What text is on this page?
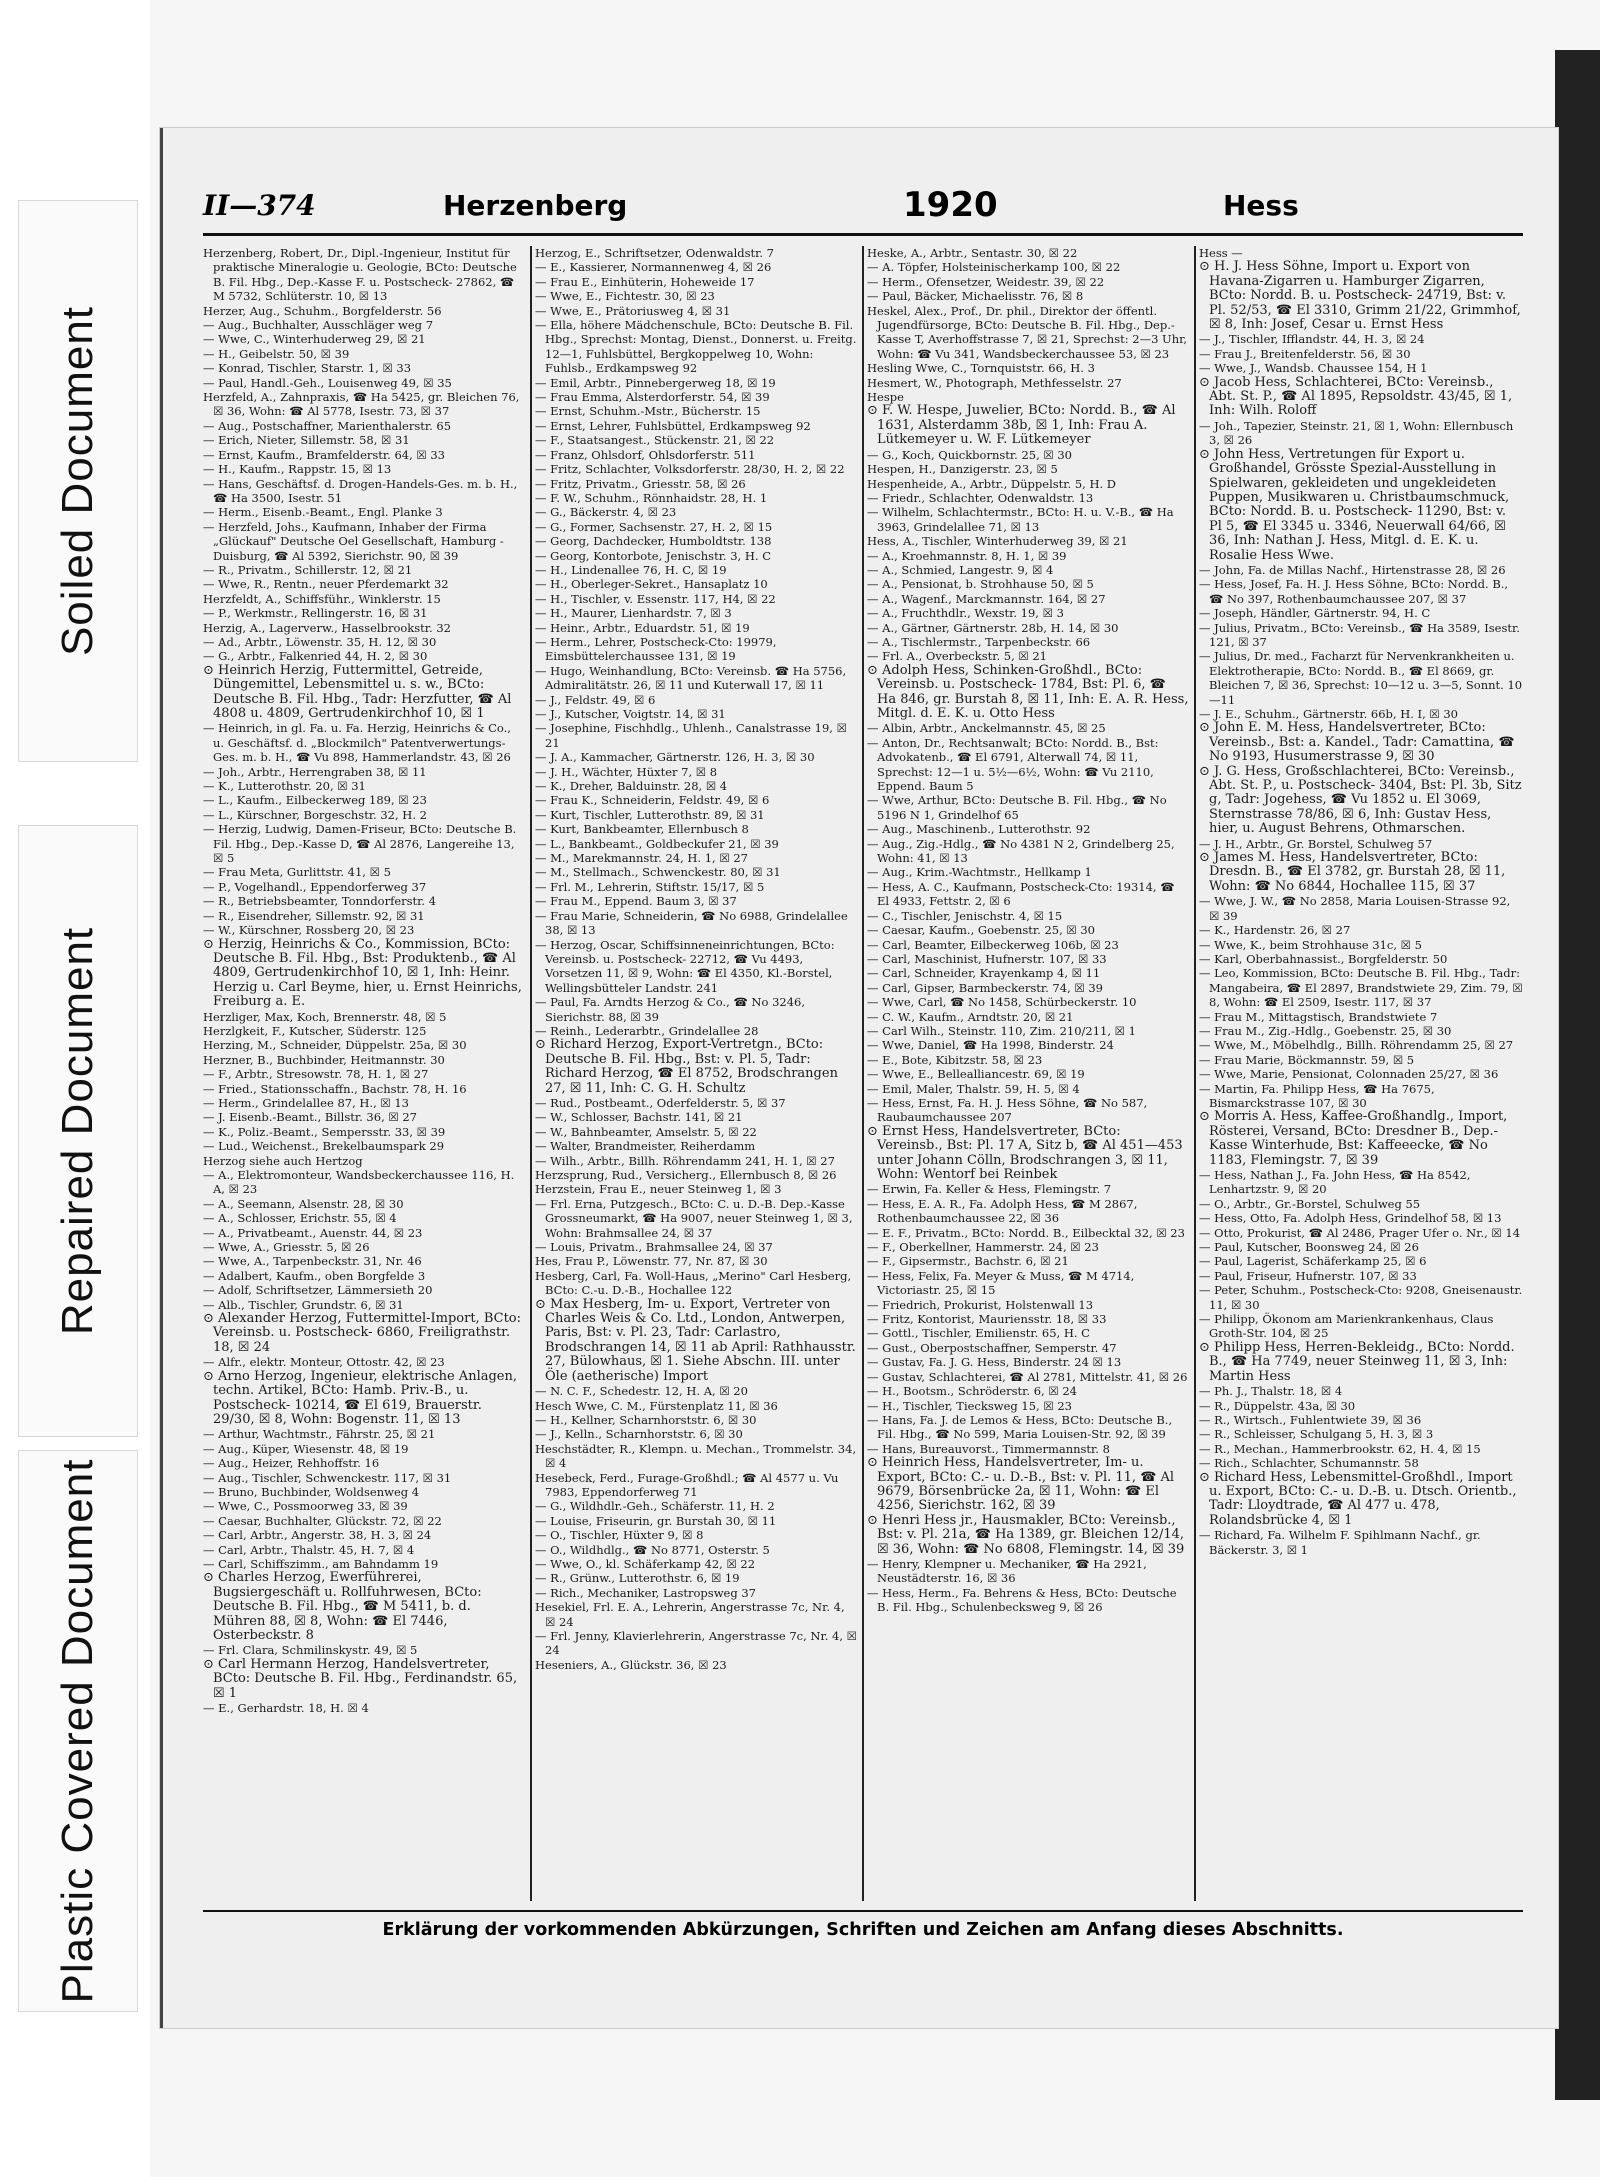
Soiled Document
Repaired Document
Plastic Covered Document
II—374	Herzenberg	1920	Hess

Herzenberg, Robert, Dr., Dipl.-Ingenieur, Institut für praktische Mineralogie u. Geologie, BCto: Deutsche B. Fil. Hbg., Dep.-Kasse F. u. Postscheck- 27862, ☎ M 5732, Schlüterstr. 10, ☒ 13

Herzer, Aug., Schuhm., Borgfelderstr. 56

— Aug., Buchhalter, Ausschläger weg 7

— Wwe, C., Winterhuderweg 29, ☒ 21

— H., Geibelstr. 50, ☒ 39

— Konrad, Tischler, Starstr. 1, ☒ 33

— Paul, Handl.-Geh., Louisenweg 49, ☒ 35

Herzfeld, A., Zahnpraxis, ☎ Ha 5425, gr. Bleichen 76, ☒ 36, Wohn: ☎ Al 5778, Isestr. 73, ☒ 37

— Aug., Postschaffner, Marienthalerstr. 65

— Erich, Nieter, Sillemstr. 58, ☒ 31

— Ernst, Kaufm., Bramfelderstr. 64, ☒ 33

— H., Kaufm., Rappstr. 15, ☒ 13

— Hans, Geschäftsf. d. Drogen-Handels-Ges. m. b. H., ☎ Ha 3500, Isestr. 51

— Herm., Eisenb.-Beamt., Engl. Planke 3

— Herzfeld, Johs., Kaufmann, Inhaber der Firma „Glückauf" Deutsche Oel Gesellschaft, Hamburg - Duisburg, ☎ Al 5392, Sierichstr. 90, ☒ 39

— R., Privatm., Schillerstr. 12, ☒ 21

— Wwe, R., Rentn., neuer Pferdemarkt 32

Herzfeldt, A., Schiffsführ., Winklerstr. 15

— P., Werkmstr., Rellingerstr. 16, ☒ 31

Herzig, A., Lagerverw., Hasselbrookstr. 32

— Ad., Arbtr., Löwenstr. 35, H. 12, ☒ 30

— G., Arbtr., Falkenried 44, H. 2, ☒ 30

⊙ Heinrich Herzig, Futtermittel, Getreide, Düngemittel, Lebensmittel u. s. w., BCto: Deutsche B. Fil. Hbg., Tadr: Herzfutter, ☎ Al 4808 u. 4809, Gertrudenkirchhof 10, ☒ 1

— Heinrich, in gl. Fa. u. Fa. Herzig, Heinrichs & Co., u. Geschäftsf. d. „Blockmilch" Patentverwertungs-Ges. m. b. H., ☎ Vu 898, Hammerlandstr. 43, ☒ 26

— Joh., Arbtr., Herrengraben 38, ☒ 11

— K., Lutterothstr. 20, ☒ 31

— L., Kaufm., Eilbeckerweg 189, ☒ 23

— L., Kürschner, Borgeschstr. 32, H. 2

— Herzig, Ludwig, Damen-Friseur, BCto: Deutsche B. Fil. Hbg., Dep.-Kasse D, ☎ Al 2876, Langereihe 13, ☒ 5

— Frau Meta, Gurlittstr. 41, ☒ 5

— P., Vogelhandl., Eppendorferweg 37

— R., Betriebsbeamter, Tonndorferstr. 4

— R., Eisendreher, Sillemstr. 92, ☒ 31

— W., Kürschner, Rossberg 20, ☒ 23

⊙ Herzig, Heinrichs & Co., Kommission, BCto: Deutsche B. Fil. Hbg., Bst: Produktenb., ☎ Al 4809, Gertrudenkirchhof 10, ☒ 1, Inh: Heinr. Herzig u. Carl Beyme, hier, u. Ernst Heinrichs, Freiburg a. E.

Herzliger, Max, Koch, Brennerstr. 48, ☒ 5

Herzlgkeit, F., Kutscher, Süderstr. 125

Herzing, M., Schneider, Düppelstr. 25a, ☒ 30

Herzner, B., Buchbinder, Heitmannstr. 30

— F., Arbtr., Stresowstr. 78, H. 1, ☒ 27

— Fried., Stationsschaffn., Bachstr. 78, H. 16

— Herm., Grindelallee 87, H., ☒ 13

— J. Eisenb.-Beamt., Billstr. 36, ☒ 27

— K., Poliz.-Beamt., Sempersstr. 33, ☒ 39

— Lud., Weichenst., Brekelbaumspark 29

Herzog siehe auch Hertzog

— A., Elektromonteur, Wandsbeckerchaussee 116, H. A, ☒ 23

— A., Seemann, Alsenstr. 28, ☒ 30

— A., Schlosser, Erichstr. 55, ☒ 4

— A., Privatbeamt., Auenstr. 44, ☒ 23

— Wwe, A., Griesstr. 5, ☒ 26

— Wwe, A., Tarpenbeckstr. 31, Nr. 46

— Adalbert, Kaufm., oben Borgfelde 3

— Adolf, Schriftsetzer, Lämmersieth 20

— Alb., Tischler, Grundstr. 6, ☒ 31

⊙ Alexander Herzog, Futtermittel-Import, BCto: Vereinsb. u. Postscheck- 6860, Freiligrathstr. 18, ☒ 24

— Alfr., elektr. Monteur, Ottostr. 42, ☒ 23

⊙ Arno Herzog, Ingenieur, elektrische Anlagen, techn. Artikel, BCto: Hamb. Priv.-B., u. Postscheck- 10214, ☎ El 619, Brauerstr. 29/30, ☒ 8, Wohn: Bogenstr. 11, ☒ 13

— Arthur, Wachtmstr., Fährstr. 25, ☒ 21

— Aug., Küper, Wiesenstr. 48, ☒ 19

— Aug., Heizer, Rehhoffstr. 16

— Aug., Tischler, Schwenckestr. 117, ☒ 31

— Bruno, Buchbinder, Woldsenweg 4

— Wwe, C., Possmoorweg 33, ☒ 39

— Caesar, Buchhalter, Glückstr. 72, ☒ 22

— Carl, Arbtr., Angerstr. 38, H. 3, ☒ 24

— Carl, Arbtr., Thalstr. 45, H. 7, ☒ 4

— Carl, Schiffszimm., am Bahndamm 19

⊙ Charles Herzog, Ewerführerei, Bugsiergeschäft u. Rollfuhrwesen, BCto: Deutsche B. Fil. Hbg., ☎ M 5411, b. d. Mühren 88, ☒ 8, Wohn: ☎ El 7446, Osterbeckstr. 8

— Frl. Clara, Schmilinskystr. 49, ☒ 5

⊙ Carl Hermann Herzog, Handelsvertreter, BCto: Deutsche B. Fil. Hbg., Ferdinandstr. 65, ☒ 1

— E., Gerhardstr. 18, H. ☒ 4

Herzog, E., Schriftsetzer, Odenwaldstr. 7

— E., Kassierer, Normannenweg 4, ☒ 26

— Frau E., Einhüterin, Hoheweide 17

— Wwe, E., Fichtestr. 30, ☒ 23

— Wwe, E., Prätoriusweg 4, ☒ 31

— Ella, höhere Mädchenschule, BCto: Deutsche B. Fil. Hbg., Sprechst: Montag, Dienst., Donnerst. u. Freitg. 12—1, Fuhlsbüttel, Bergkoppelweg 10, Wohn: Fuhlsb., Erdkampsweg 92

— Emil, Arbtr., Pinnebergerweg 18, ☒ 19

— Frau Emma, Alsterdorferstr. 54, ☒ 39

— Ernst, Schuhm.-Mstr., Bücherstr. 15

— Ernst, Lehrer, Fuhlsbüttel, Erdkampsweg 92

— F., Staatsangest., Stückenstr. 21, ☒ 22

— Franz, Ohlsdorf, Ohlsdorferstr. 511

— Fritz, Schlachter, Volksdorferstr. 28/30, H. 2, ☒ 22

— Fritz, Privatm., Griesstr. 58, ☒ 26

— F. W., Schuhm., Rönnhaidstr. 28, H. 1

— G., Bäckerstr. 4, ☒ 23

— G., Former, Sachsenstr. 27, H. 2, ☒ 15

— Georg, Dachdecker, Humboldtstr. 138

— Georg, Kontorbote, Jenischstr. 3, H. C

— H., Lindenallee 76, H. C, ☒ 19

— H., Oberleger-Sekret., Hansaplatz 10

— H., Tischler, v. Essenstr. 117, H4, ☒ 22

— H., Maurer, Lienhardstr. 7, ☒ 3

— Heinr., Arbtr., Eduardstr. 51, ☒ 19

— Herm., Lehrer, Postscheck-Cto: 19979, Eimsbüttelerchaussee 131, ☒ 19

— Hugo, Weinhandlung, BCto: Vereinsb. ☎ Ha 5756, Admiralitätstr. 26, ☒ 11 und Kuterwall 17, ☒ 11

— J., Feldstr. 49, ☒ 6

— J., Kutscher, Voigtstr. 14, ☒ 31

— Josephine, Fischhdlg., Uhlenh., Canalstrasse 19, ☒ 21

— J. A., Kammacher, Gärtnerstr. 126, H. 3, ☒ 30

— J. H., Wächter, Hüxter 7, ☒ 8

— K., Dreher, Balduinstr. 28, ☒ 4

— Frau K., Schneiderin, Feldstr. 49, ☒ 6

— Kurt, Tischler, Lutterothstr. 89, ☒ 31

— Kurt, Bankbeamter, Ellernbusch 8

— L., Bankbeamt., Goldbeckufer 21, ☒ 39

— M., Marekmannstr. 24, H. 1, ☒ 27

— M., Stellmach., Schwenckestr. 80, ☒ 31

— Frl. M., Lehrerin, Stiftstr. 15/17, ☒ 5

— Frau M., Eppend. Baum 3, ☒ 37

— Frau Marie, Schneiderin, ☎ No 6988, Grindelallee 38, ☒ 13

— Herzog, Oscar, Schiffsinneneinrichtungen, BCto: Vereinsb. u. Postscheck- 22712, ☎ Vu 4493, Vorsetzen 11, ☒ 9, Wohn: ☎ El 4350, Kl.-Borstel, Wellingsbütteler Landstr. 241

— Paul, Fa. Arndts Herzog & Co., ☎ No 3246, Sierichstr. 88, ☒ 39

— Reinh., Lederarbtr., Grindelallee 28

⊙ Richard Herzog, Export-Vertretgn., BCto: Deutsche B. Fil. Hbg., Bst: v. Pl. 5, Tadr: Richard Herzog, ☎ El 8752, Brodschrangen 27, ☒ 11, Inh: C. G. H. Schultz

— Rud., Postbeamt., Oderfelderstr. 5, ☒ 37

— W., Schlosser, Bachstr. 141, ☒ 21

— W., Bahnbeamter, Amselstr. 5, ☒ 22

— Walter, Brandmeister, Reiherdamm

— Wilh., Arbtr., Billh. Röhrendamm 241, H. 1, ☒ 27

Herzsprung, Rud., Versicherg., Ellernbusch 8, ☒ 26

Herzstein, Frau E., neuer Steinweg 1, ☒ 3

— Frl. Erna, Putzgesch., BCto: C. u. D.-B. Dep.-Kasse Grossneumarkt, ☎ Ha 9007, neuer Steinweg 1, ☒ 3, Wohn: Brahmsallee 24, ☒ 37

— Louis, Privatm., Brahmsallee 24, ☒ 37

Hes, Frau P., Löwenstr. 77, Nr. 87, ☒ 30

Hesberg, Carl, Fa. Woll-Haus, „Merino" Carl Hesberg, BCto: C.-u. D.-B., Hochallee 122

⊙ Max Hesberg, Im- u. Export, Vertreter von Charles Weis & Co. Ltd., London, Antwerpen, Paris, Bst: v. Pl. 23, Tadr: Carlastro, Brodschrangen 14, ☒ 11 ab April: Rathhausstr. 27, Bülowhaus, ☒ 1. Siehe Abschn. III. unter Öle (aetherische) Import

— N. C. F., Schedestr. 12, H. A, ☒ 20

Hesch Wwe, C. M., Fürstenplatz 11, ☒ 36

— H., Kellner, Scharnhorststr. 6, ☒ 30

— J., Kelln., Scharnhorststr. 6, ☒ 30

Heschstädter, R., Klempn. u. Mechan., Trommelstr. 34, ☒ 4

Hesebeck, Ferd., Furage-Großhdl.; ☎ Al 4577 u. Vu 7983, Eppendorferweg 71

— G., Wildhdlr.-Geh., Schäferstr. 11, H. 2

— Louise, Friseurin, gr. Burstah 30, ☒ 11

— O., Tischler, Hüxter 9, ☒ 8

— O., Wildhdlg., ☎ No 8771, Osterstr. 5

— Wwe, O., kl. Schäferkamp 42, ☒ 22

— R., Grünw., Lutterothstr. 6, ☒ 19

— Rich., Mechaniker, Lastropsweg 37

Hesekiel, Frl. E. A., Lehrerin, Angerstrasse 7c, Nr. 4, ☒ 24

— Frl. Jenny, Klavierlehrerin, Angerstrasse 7c, Nr. 4, ☒ 24

Heseniers, A., Glückstr. 36, ☒ 23

Heske, A., Arbtr., Sentastr. 30, ☒ 22

— A. Töpfer, Holsteinischerkamp 100, ☒ 22

— Herm., Ofensetzer, Weidestr. 39, ☒ 22

— Paul, Bäcker, Michaelisstr. 76, ☒ 8

Heskel, Alex., Prof., Dr. phil., Direktor der öffentl. Jugendfürsorge, BCto: Deutsche B. Fil. Hbg., Dep.-Kasse T, Averhoffstrasse 7, ☒ 21, Sprechst: 2—3 Uhr, Wohn: ☎ Vu 341, Wandsbeckerchaussee 53, ☒ 23

Hesling Wwe, C., Tornquiststr. 66, H. 3

Hesmert, W., Photograph, Methfesselstr. 27

Hespe

⊙ F. W. Hespe, Juwelier, BCto: Nordd. B., ☎ Al 1631, Alsterdamm 38b, ☒ 1, Inh: Frau A. Lütkemeyer u. W. F. Lütkemeyer

— G., Koch, Quickbornstr. 25, ☒ 30

Hespen, H., Danzigerstr. 23, ☒ 5

Hespenheide, A., Arbtr., Düppelstr. 5, H. D

— Friedr., Schlachter, Odenwaldstr. 13

— Wilhelm, Schlachtermstr., BCto: H. u. V.-B., ☎ Ha 3963, Grindelallee 71, ☒ 13

Hess, A., Tischler, Winterhuderweg 39, ☒ 21

— A., Kroehmannstr. 8, H. 1, ☒ 39

— A., Schmied, Langestr. 9, ☒ 4

— A., Pensionat, b. Strohhause 50, ☒ 5

— A., Wagenf., Marckmannstr. 164, ☒ 27

— A., Fruchthdlr., Wexstr. 19, ☒ 3

— A., Gärtner, Gärtnerstr. 28b, H. 14, ☒ 30

— A., Tischlermstr., Tarpenbeckstr. 66

— Frl. A., Overbeckstr. 5, ☒ 21

⊙ Adolph Hess, Schinken-Großhdl., BCto: Vereinsb. u. Postscheck- 1784, Bst: Pl. 6, ☎ Ha 846, gr. Burstah 8, ☒ 11, Inh: E. A. R. Hess, Mitgl. d. E. K. u. Otto Hess

— Albin, Arbtr., Anckelmannstr. 45, ☒ 25

— Anton, Dr., Rechtsanwalt; BCto: Nordd. B., Bst: Advokatenb., ☎ El 6791, Alterwall 74, ☒ 11, Sprechst: 12—1 u. 5½—6½, Wohn: ☎ Vu 2110, Eppend. Baum 5

— Wwe, Arthur, BCto: Deutsche B. Fil. Hbg., ☎ No 5196 N 1, Grindelhof 65

— Aug., Maschinenb., Lutterothstr. 92

— Aug., Zig.-Hdlg., ☎ No 4381 N 2, Grindelberg 25, Wohn: 41, ☒ 13

— Aug., Krim.-Wachtmstr., Hellkamp 1

— Hess, A. C., Kaufmann, Postscheck-Cto: 19314, ☎ El 4933, Fettstr. 2, ☒ 6

— C., Tischler, Jenischstr. 4, ☒ 15

— Caesar, Kaufm., Goebenstr. 25, ☒ 30

— Carl, Beamter, Eilbeckerweg 106b, ☒ 23

— Carl, Maschinist, Hufnerstr. 107, ☒ 33

— Carl, Schneider, Krayenkamp 4, ☒ 11

— Carl, Gipser, Barmbeckerstr. 74, ☒ 39

— Wwe, Carl, ☎ No 1458, Schürbeckerstr. 10

— C. W., Kaufm., Arndtstr. 20, ☒ 21

— Carl Wilh., Steinstr. 110, Zim. 210/211, ☒ 1

— Wwe, Daniel, ☎ Ha 1998, Binderstr. 24

— E., Bote, Kibitzstr. 58, ☒ 23

— Wwe, E., Bellealliancestr. 69, ☒ 19

— Emil, Maler, Thalstr. 59, H. 5, ☒ 4

— Hess, Ernst, Fa. H. J. Hess Söhne, ☎ No 587, Raubaumchaussee 207

⊙ Ernst Hess, Handelsvertreter, BCto: Vereinsb., Bst: Pl. 17 A, Sitz b, ☎ Al 451—453 unter Johann Cölln, Brodschrangen 3, ☒ 11, Wohn: Wentorf bei Reinbek

— Erwin, Fa. Keller & Hess, Flemingstr. 7

— Hess, E. A. R., Fa. Adolph Hess, ☎ M 2867, Rothenbaumchaussee 22, ☒ 36

— E. F., Privatm., BCto: Nordd. B., Eilbecktal 32, ☒ 23

— F., Oberkellner, Hammerstr. 24, ☒ 23

— F., Gipsermstr., Bachstr. 6, ☒ 21

— Hess, Felix, Fa. Meyer & Muss, ☎ M 4714, Victoriastr. 25, ☒ 15

— Friedrich, Prokurist, Holstenwall 13

— Fritz, Kontorist, Mauriensstr. 18, ☒ 33

— Gottl., Tischler, Emilienstr. 65, H. C

— Gust., Oberpostschaffner, Semperstr. 47

— Gustav, Fa. J. G. Hess, Binderstr. 24 ☒ 13

— Gustav, Schlachterei, ☎ Al 2781, Mittelstr. 41, ☒ 26

— H., Bootsm., Schröderstr. 6, ☒ 24

— H., Tischler, Tiecksweg 15, ☒ 23

— Hans, Fa. J. de Lemos & Hess, BCto: Deutsche B., Fil. Hbg., ☎ No 599, Maria Louisen-Str. 92, ☒ 39

— Hans, Bureauvorst., Timmermannstr. 8

⊙ Heinrich Hess, Handelsvertreter, Im- u. Export, BCto: C.- u. D.-B., Bst: v. Pl. 11, ☎ Al 9679, Börsenbrücke 2a, ☒ 11, Wohn: ☎ El 4256, Sierichstr. 162, ☒ 39

⊙ Henri Hess jr., Hausmakler, BCto: Vereinsb., Bst: v. Pl. 21a, ☎ Ha 1389, gr. Bleichen 12/14, ☒ 36, Wohn: ☎ No 6808, Flemingstr. 14, ☒ 39

— Henry, Klempner u. Mechaniker, ☎ Ha 2921, Neustädterstr. 16, ☒ 36

— Hess, Herm., Fa. Behrens & Hess, BCto: Deutsche B. Fil. Hbg., Schulenbecksweg 9, ☒ 26

Hess —

⊙ H. J. Hess Söhne, Import u. Export von Havana-Zigarren u. Hamburger Zigarren, BCto: Nordd. B. u. Postscheck- 24719, Bst: v. Pl. 52/53, ☎ El 3310, Grimm 21/22, Grimmhof, ☒ 8, Inh: Josef, Cesar u. Ernst Hess

— J., Tischler, Ifflandstr. 44, H. 3, ☒ 24

— Frau J., Breitenfelderstr. 56, ☒ 30

— Wwe, J., Wandsb. Chaussee 154, H 1

⊙ Jacob Hess, Schlachterei, BCto: Vereinsb., Abt. St. P., ☎ Al 1895, Repsoldstr. 43/45, ☒ 1, Inh: Wilh. Roloff

— Joh., Tapezier, Steinstr. 21, ☒ 1, Wohn: Ellernbusch 3, ☒ 26

⊙ John Hess, Vertretungen für Export u. Großhandel, Grösste Spezial-Ausstellung in Spielwaren, gekleideten und ungekleideten Puppen, Musikwaren u. Christbaumschmuck, BCto: Nordd. B. u. Postscheck- 11290, Bst: v. Pl 5, ☎ El 3345 u. 3346, Neuerwall 64/66, ☒ 36, Inh: Nathan J. Hess, Mitgl. d. E. K. u. Rosalie Hess Wwe.

— John, Fa. de Millas Nachf., Hirtenstrasse 28, ☒ 26

— Hess, Josef, Fa. H. J. Hess Söhne, BCto: Nordd. B., ☎ No 397, Rothenbaumchaussee 207, ☒ 37

— Joseph, Händler, Gärtnerstr. 94, H. C

— Julius, Privatm., BCto: Vereinsb., ☎ Ha 3589, Isestr. 121, ☒ 37

— Julius, Dr. med., Facharzt für Nervenkrankheiten u. Elektrotherapie, BCto: Nordd. B., ☎ El 8669, gr. Bleichen 7, ☒ 36, Sprechst: 10—12 u. 3—5, Sonnt. 10—11

— J. E., Schuhm., Gärtnerstr. 66b, H. I, ☒ 30

⊙ John E. M. Hess, Handelsvertreter, BCto: Vereinsb., Bst: a. Kandel., Tadr: Camattina, ☎ No 9193, Husumerstrasse 9, ☒ 30

⊙ J. G. Hess, Großschlachterei, BCto: Vereinsb., Abt. St. P., u. Postscheck- 3404, Bst: Pl. 3b, Sitz g, Tadr: Jogehess, ☎ Vu 1852 u. El 3069, Sternstrasse 78/86, ☒ 6, Inh: Gustav Hess, hier, u. August Behrens, Othmarschen.

— J. H., Arbtr., Gr. Borstel, Schulweg 57

⊙ James M. Hess, Handelsvertreter, BCto: Dresdn. B., ☎ El 3782, gr. Burstah 28, ☒ 11, Wohn: ☎ No 6844, Hochallee 115, ☒ 37

— Wwe, J. W., ☎ No 2858, Maria Louisen-Strasse 92, ☒ 39

— K., Hardenstr. 26, ☒ 27

— Wwe, K., beim Strohhause 31c, ☒ 5

— Karl, Oberbahnassist., Borgfelderstr. 50

— Leo, Kommission, BCto: Deutsche B. Fil. Hbg., Tadr: Mangabeira, ☎ El 2897, Brandstwiete 29, Zim. 79, ☒ 8, Wohn: ☎ El 2509, Isestr. 117, ☒ 37

— Frau M., Mittagstisch, Brandstwiete 7

— Frau M., Zig.-Hdlg., Goebenstr. 25, ☒ 30

— Wwe, M., Möbelhdlg., Billh. Röhrendamm 25, ☒ 27

— Frau Marie, Böckmannstr. 59, ☒ 5

— Wwe, Marie, Pensionat, Colonnaden 25/27, ☒ 36

— Martin, Fa. Philipp Hess, ☎ Ha 7675, Bismarckstrasse 107, ☒ 30

⊙ Morris A. Hess, Kaffee-Großhandlg., Import, Rösterei, Versand, BCto: Dresdner B., Dep.-Kasse Winterhude, Bst: Kaffeeecke, ☎ No 1183, Flemingstr. 7, ☒ 39

— Hess, Nathan J., Fa. John Hess, ☎ Ha 8542, Lenhartzstr. 9, ☒ 20

— O., Arbtr., Gr.-Borstel, Schulweg 55

— Hess, Otto, Fa. Adolph Hess, Grindelhof 58, ☒ 13

— Otto, Prokurist, ☎ Al 2486, Prager Ufer o. Nr., ☒ 14

— Paul, Kutscher, Boonsweg 24, ☒ 26

— Paul, Lagerist, Schäferkamp 25, ☒ 6

— Paul, Friseur, Hufnerstr. 107, ☒ 33

— Peter, Schuhm., Postscheck-Cto: 9208, Gneisenaustr. 11, ☒ 30

— Philipp, Ökonom am Marienkrankenhaus, Claus Groth-Str. 104, ☒ 25

⊙ Philipp Hess, Herren-Bekleidg., BCto: Nordd. B., ☎ Ha 7749, neuer Steinweg 11, ☒ 3, Inh: Martin Hess

— Ph. J., Thalstr. 18, ☒ 4

— R., Düppelstr. 43a, ☒ 30

— R., Wirtsch., Fuhlentwiete 39, ☒ 36

— R., Schleisser, Schulgang 5, H. 3, ☒ 3

— R., Mechan., Hammerbrookstr. 62, H. 4, ☒ 15

— Rich., Schlachter, Schumannstr. 58

⊙ Richard Hess, Lebensmittel-Großhdl., Import u. Export, BCto: C.- u. D.-B. u. Dtsch. Orientb., Tadr: Lloydtrade, ☎ Al 477 u. 478, Rolandsbrücke 4, ☒ 1

— Richard, Fa. Wilhelm F. Spihlmann Nachf., gr. Bäckerstr. 3, ☒ 1

Erklärung der vorkommenden Abkürzungen, Schriften und Zeichen am Anfang dieses Abschnitts.
